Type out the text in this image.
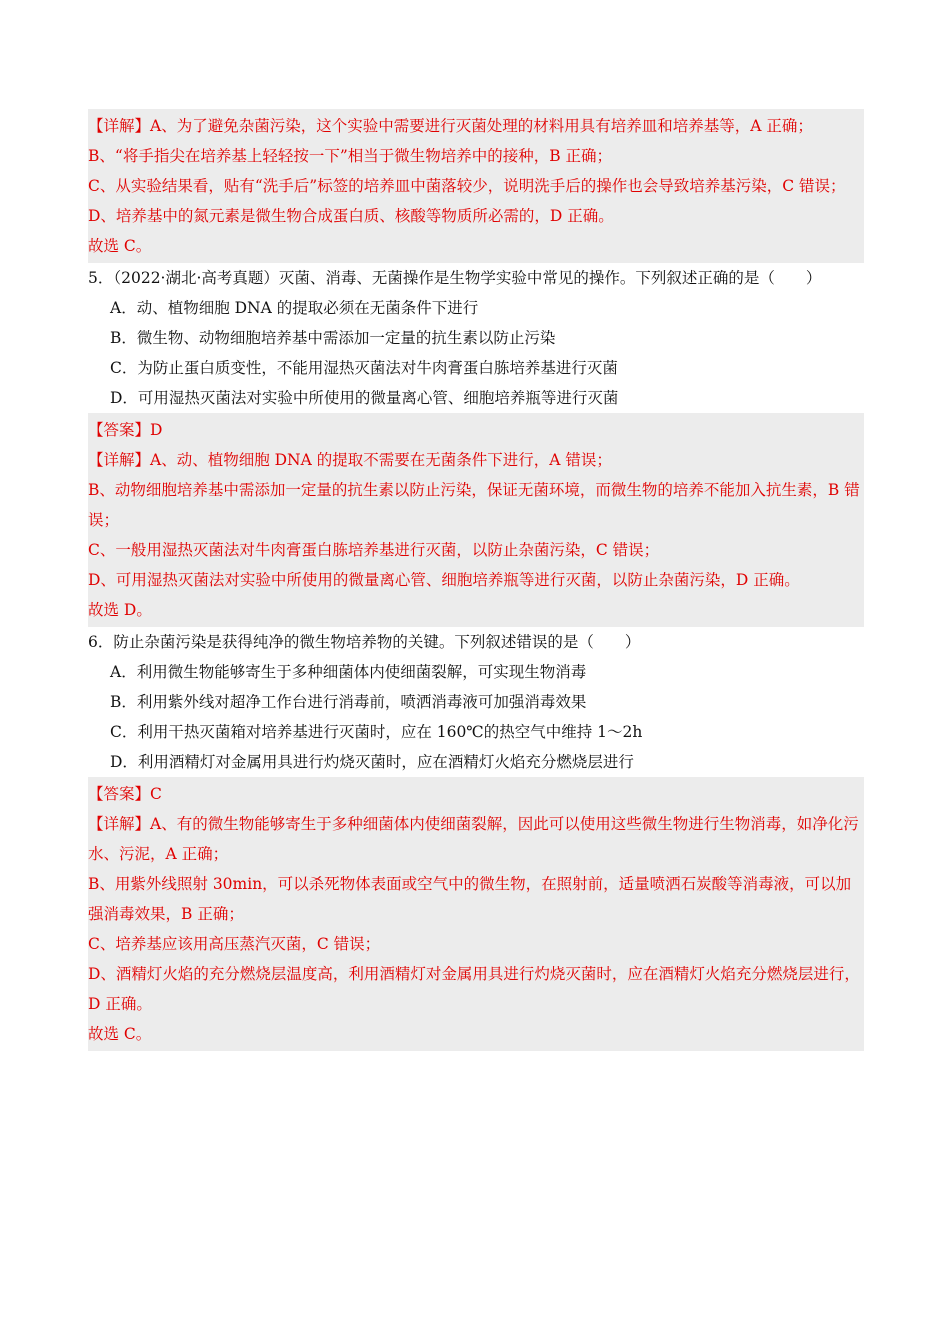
【详解】A、为了避免杂菌污染，这个实验中需要进行灭菌处理的材料用具有培养皿和培养基等，A 正确；
B、“将手指尖在培养基上轻轻按一下”相当于微生物培养中的接种，B 正确；
C、从实验结果看，贴有“洗手后”标签的培养皿中菌落较少，说明洗手后的操作也会导致培养基污染，C 错误；
D、培养基中的氮元素是微生物合成蛋白质、核酸等物质所必需的，D 正确。
故选 C。
5．（2022·湖北·高考真题）灭菌、消毒、无菌操作是生物学实验中常见的操作。下列叙述正确的是（　　）
A．动、植物细胞 DNA 的提取必须在无菌条件下进行
B．微生物、动物细胞培养基中需添加一定量的抗生素以防止污染
C．为防止蛋白质变性，不能用湿热灭菌法对牛肉膏蛋白胨培养基进行灭菌
D．可用湿热灭菌法对实验中所使用的微量离心管、细胞培养瓶等进行灭菌
【答案】D
【详解】A、动、植物细胞 DNA 的提取不需要在无菌条件下进行，A 错误；
B、动物细胞培养基中需添加一定量的抗生素以防止污染，保证无菌环境，而微生物的培养不能加入抗生素，B 错误；
C、一般用湿热灭菌法对牛肉膏蛋白胨培养基进行灭菌，以防止杂菌污染，C 错误；
D、可用湿热灭菌法对实验中所使用的微量离心管、细胞培养瓶等进行灭菌，以防止杂菌污染，D 正确。
故选 D。
6．防止杂菌污染是获得纯净的微生物培养物的关键。下列叙述错误的是（　　）
A．利用微生物能够寄生于多种细菌体内使细菌裂解，可实现生物消毒
B．利用紫外线对超净工作台进行消毒前，喷洒消毒液可加强消毒效果
C．利用干热灭菌箱对培养基进行灭菌时，应在 160℃的热空气中维持 1～2h
D．利用酒精灯对金属用具进行灼烧灭菌时，应在酒精灯火焰充分燃烧层进行
【答案】C
【详解】A、有的微生物能够寄生于多种细菌体内使细菌裂解，因此可以使用这些微生物进行生物消毒，如净化污水、污泥，A 正确；
B、用紫外线照射 30min，可以杀死物体表面或空气中的微生物，在照射前，适量喷洒石炭酸等消毒液，可以加强消毒效果，B 正确；
C、培养基应该用高压蒸汽灭菌，C 错误；
D、酒精灯火焰的充分燃烧层温度高，利用酒精灯对金属用具进行灼烧灭菌时，应在酒精灯火焰充分燃烧层进行，D 正确。
故选 C。
